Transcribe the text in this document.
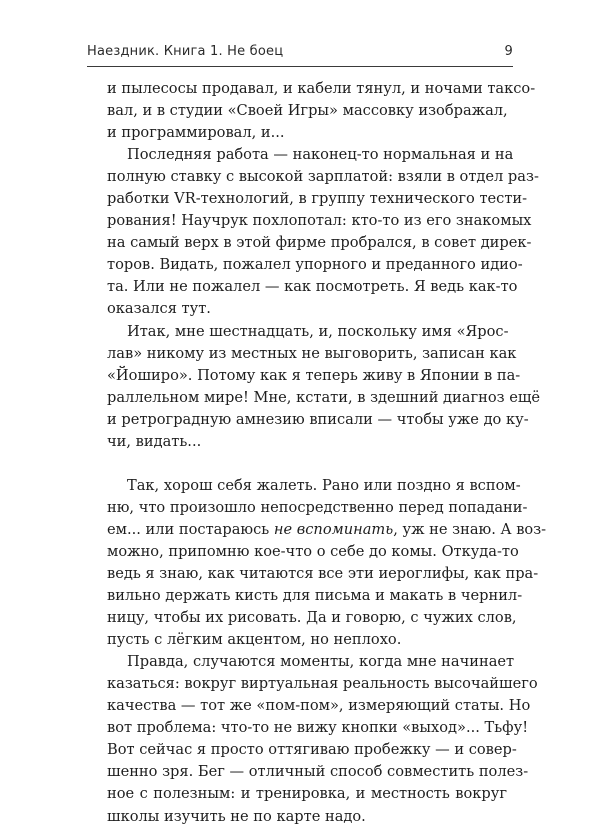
Наездник. Книга 1. Не боец	9
и пылесосы продавал, и кабели тянул, и ночами таксо-
вал, и в студии «Своей Игры» массовку изображал,
и программировал, и...
Последняя работа — наконец-то нормальная и на
полную ставку с высокой зарплатой: взяли в отдел раз-
работки VR-технологий, в группу технического тести-
рования! Научрук похлопотал: кто-то из его знакомых
на самый верх в этой фирме пробрался, в совет дирек-
торов. Видать, пожалел упорного и преданного идио-
та. Или не пожалел — как посмотреть. Я ведь как-то
оказался тут.
Итак, мне шестнадцать, и, поскольку имя «Ярос-
лав» никому из местных не выговорить, записан как
«Йоширо». Потому как я теперь живу в Японии в па-
раллельном мире! Мне, кстати, в здешний диагноз ещё
и ретроградную амнезию вписали — чтобы уже до ку-
чи, видать...
Так, хорош себя жалеть. Рано или поздно я вспом-
ню, что произошло непосредственно перед попадани-
ем... или постараюсь не вспоминать, уж не знаю. А воз-
можно, припомню кое-что о себе до комы. Откуда-то
ведь я знаю, как читаются все эти иероглифы, как пра-
вильно держать кисть для письма и макать в чернил-
ницу, чтобы их рисовать. Да и говорю, с чужих слов,
пусть с лёгким акцентом, но неплохо.
Правда, случаются моменты, когда мне начинает
казаться: вокруг виртуальная реальность высочайшего
качества — тот же «пом-пом», измеряющий статы. Но
вот проблема: что-то не вижу кнопки «выход»... Тьфу!
Вот сейчас я просто оттягиваю пробежку — и совер-
шенно зря. Бег — отличный способ совместить полез-
ное с полезным: и тренировка, и местность вокруг
школы изучить не по карте надо.
